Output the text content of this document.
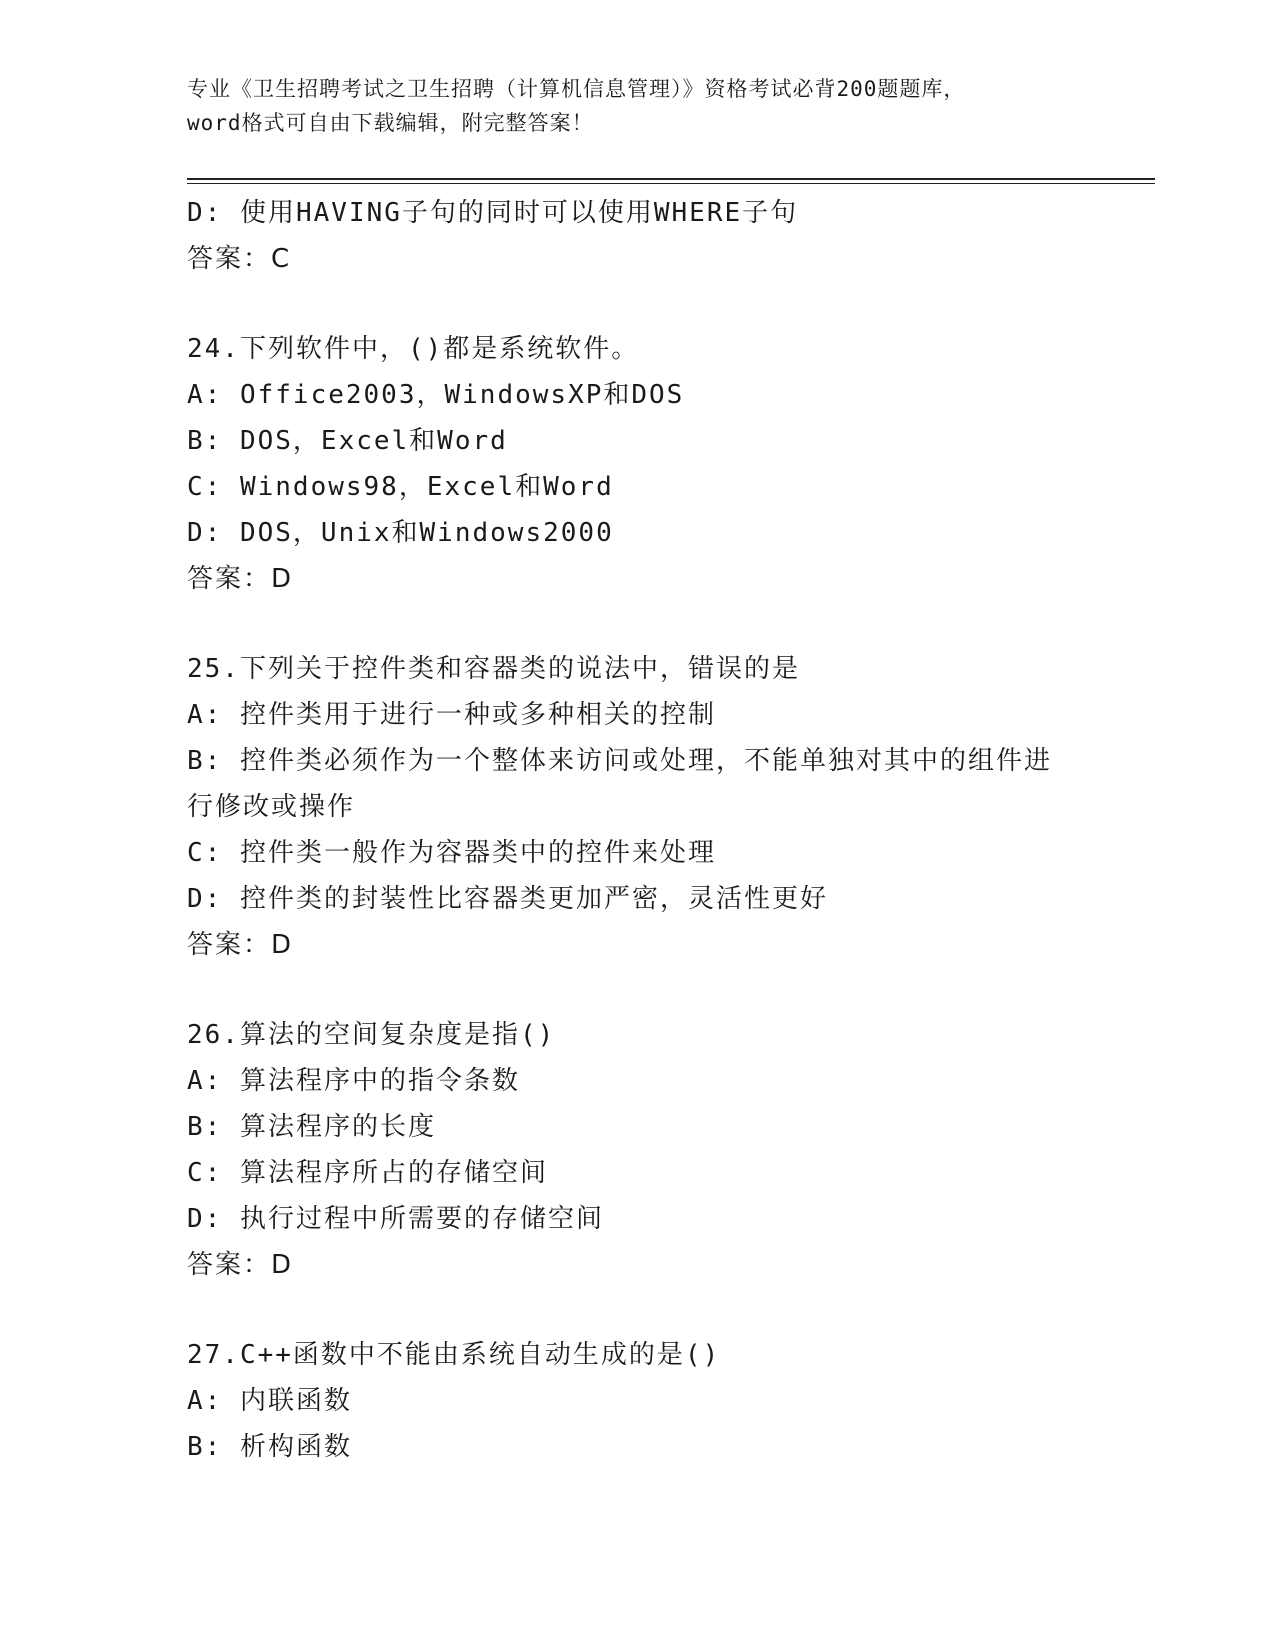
专业《卫生招聘考试之卫生招聘（计算机信息管理）》资格考试必背200题题库，
word格式可自由下载编辑，附完整答案！
D: 使用HAVING子句的同时可以使用WHERE子句
答案：C
24.下列软件中，()都是系统软件。
A: Office2003，WindowsXP和DOS
B: DOS，Excel和Word
C: Windows98，Excel和Word
D: DOS，Unix和Windows2000
答案：D
25.下列关于控件类和容器类的说法中，错误的是
A: 控件类用于进行一种或多种相关的控制
B: 控件类必须作为一个整体来访问或处理，不能单独对其中的组件进
行修改或操作
C: 控件类一般作为容器类中的控件来处理
D: 控件类的封装性比容器类更加严密，灵活性更好
答案：D
26.算法的空间复杂度是指()
A: 算法程序中的指令条数
B: 算法程序的长度
C: 算法程序所占的存储空间
D: 执行过程中所需要的存储空间
答案：D
27.C++函数中不能由系统自动生成的是()
A: 内联函数
B: 析构函数
